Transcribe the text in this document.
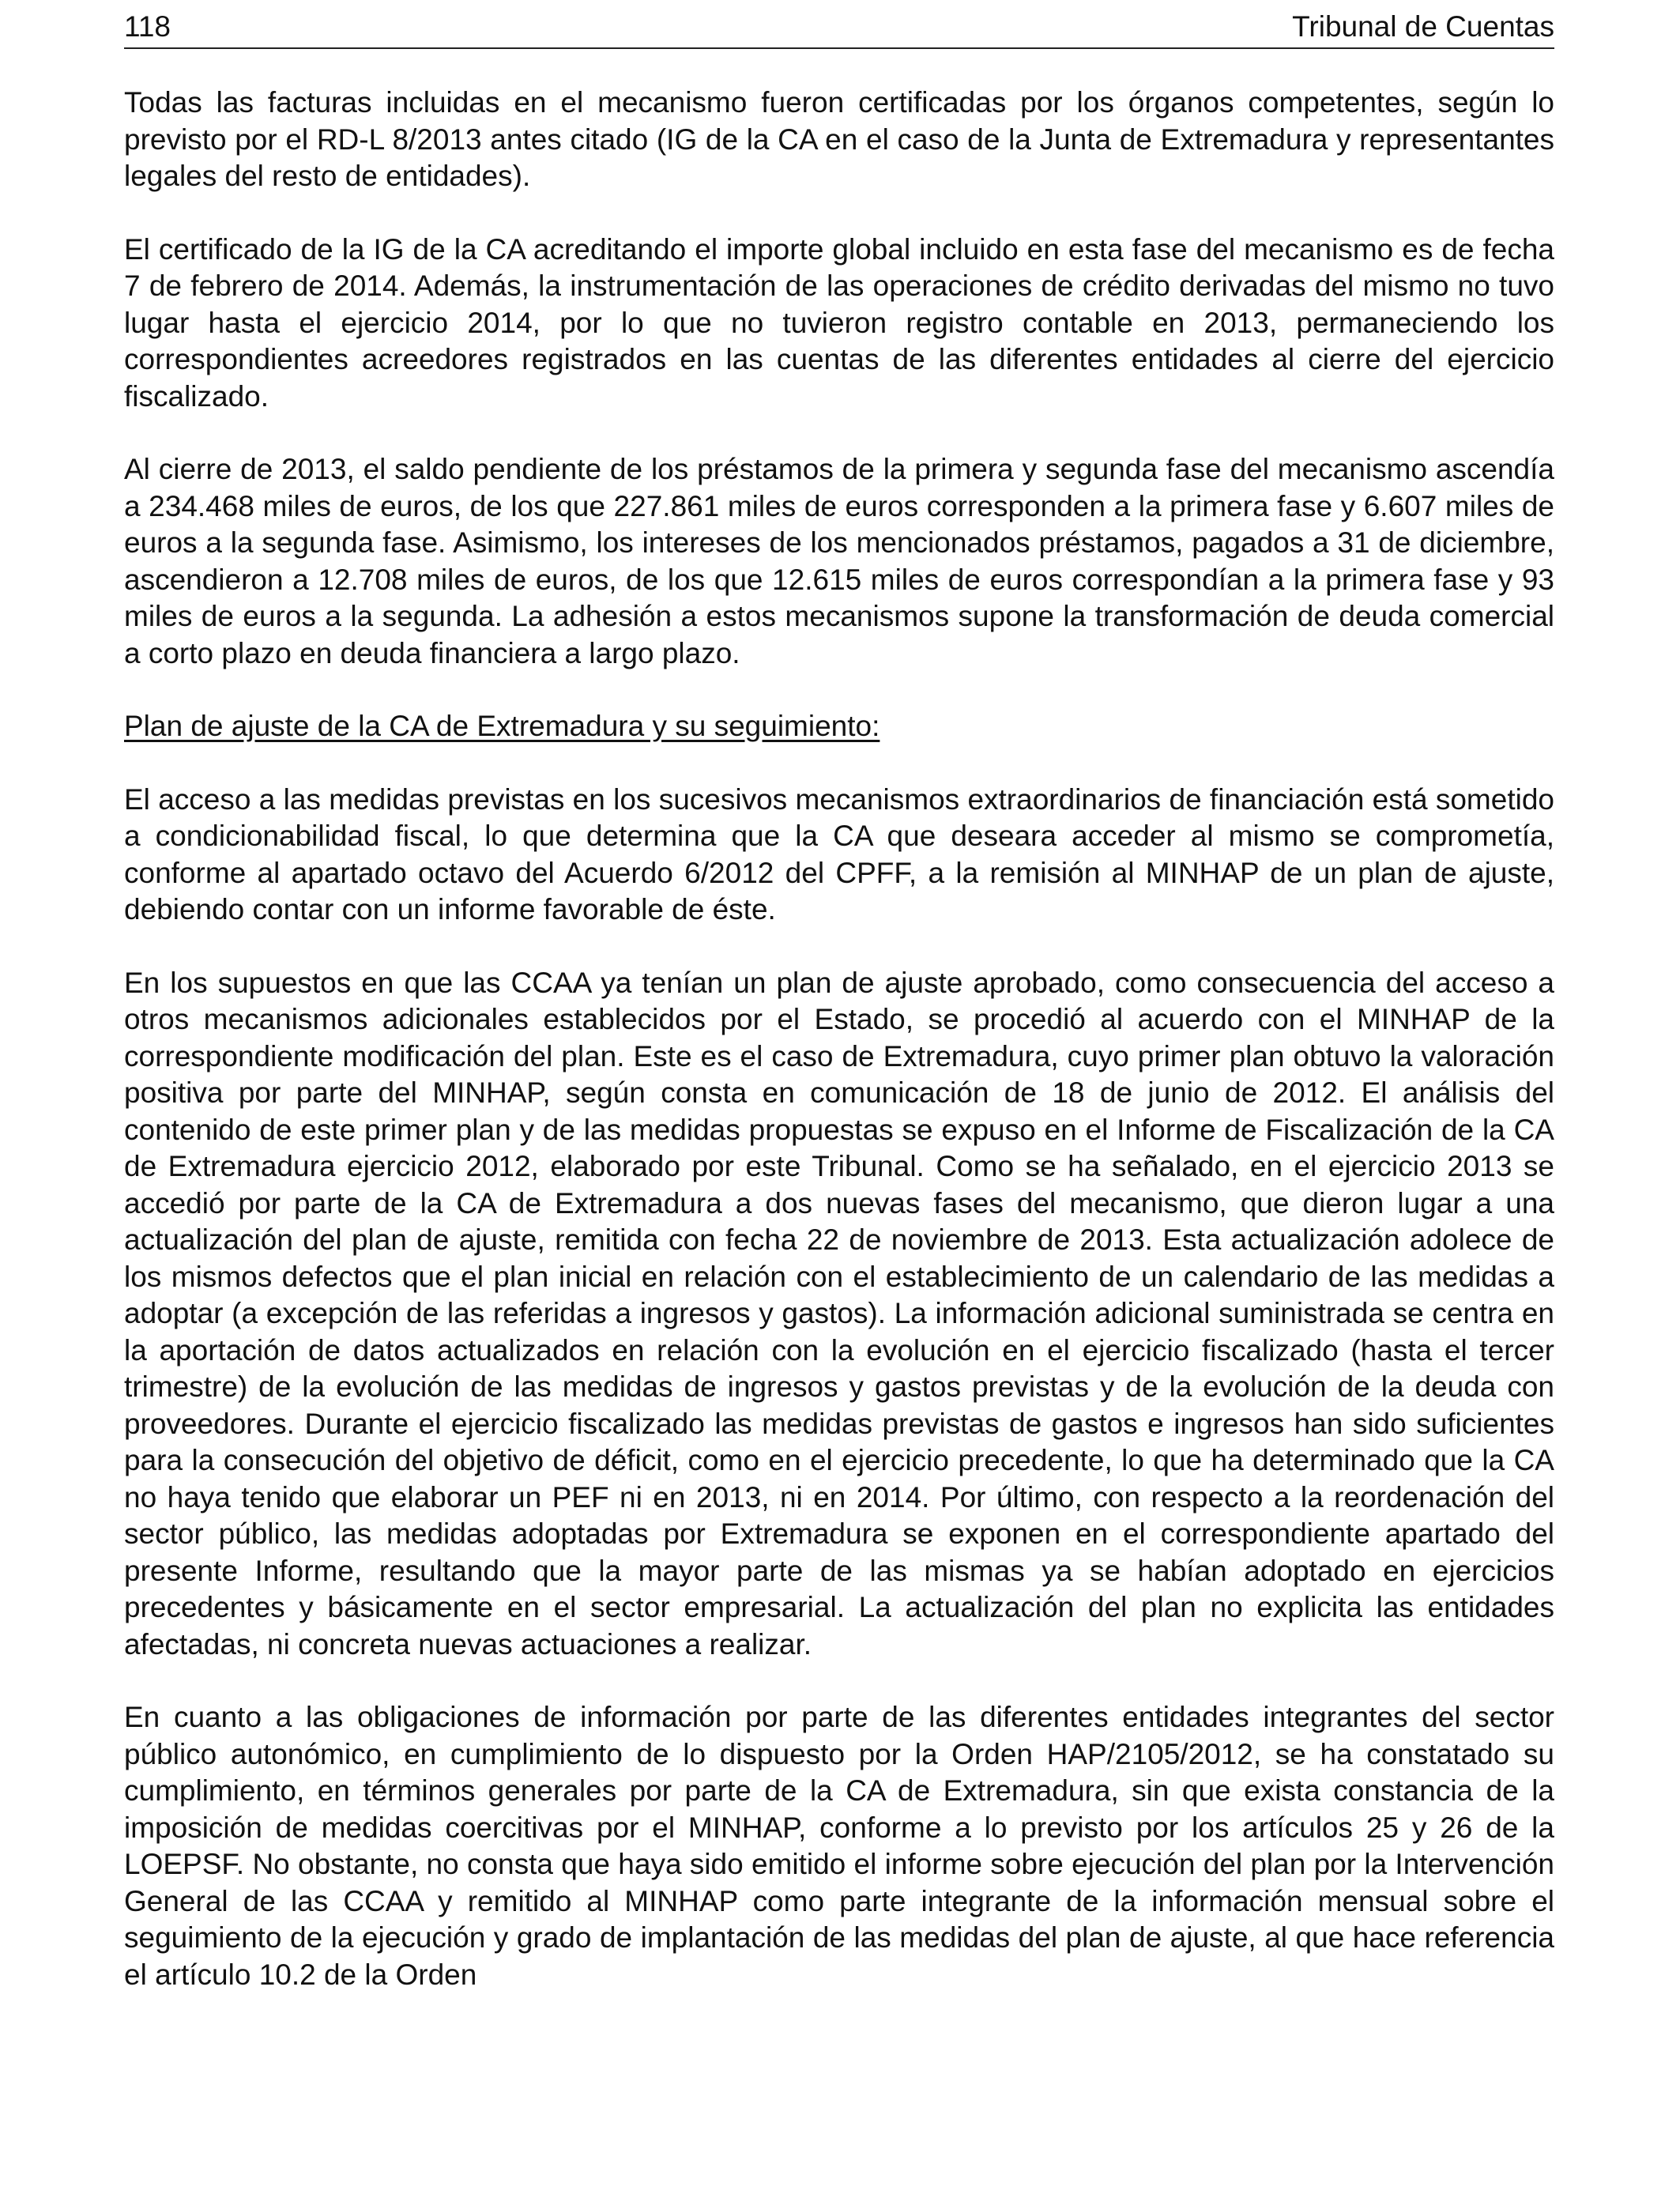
118	Tribunal de Cuentas

Todas las facturas incluidas en el mecanismo fueron certificadas por los órganos competentes, según lo previsto por el RD-L 8/2013 antes citado (IG de la CA en el caso de la Junta de Extremadura y representantes legales del resto de entidades).

El certificado de la IG de la CA acreditando el importe global incluido en esta fase del mecanismo es de fecha 7 de febrero de 2014. Además, la instrumentación de las operaciones de crédito derivadas del mismo no tuvo lugar hasta el ejercicio 2014, por lo que no tuvieron registro contable en 2013, permaneciendo los correspondientes acreedores registrados en las cuentas de las diferentes entidades al cierre del ejercicio fiscalizado.

Al cierre de 2013, el saldo pendiente de los préstamos de la primera y segunda fase del mecanismo ascendía a 234.468 miles de euros, de los que 227.861 miles de euros corresponden a la primera fase y 6.607 miles de euros a la segunda fase. Asimismo, los intereses de los mencionados préstamos, pagados a 31 de diciembre, ascendieron a 12.708 miles de euros, de los que 12.615 miles de euros correspondían a la primera fase y 93 miles de euros a la segunda. La adhesión a estos mecanismos supone la transformación de deuda comercial a corto plazo en deuda financiera a largo plazo.

Plan de ajuste de la CA de Extremadura y su seguimiento:

El acceso a las medidas previstas en los sucesivos mecanismos extraordinarios de financiación está sometido a condicionabilidad fiscal, lo que determina que la CA que deseara acceder al mismo se comprometía, conforme al apartado octavo del Acuerdo 6/2012 del CPFF, a la remisión al MINHAP de un plan de ajuste, debiendo contar con un informe favorable de éste.

En los supuestos en que las CCAA ya tenían un plan de ajuste aprobado, como consecuencia del acceso a otros mecanismos adicionales establecidos por el Estado, se procedió al acuerdo con el MINHAP de la correspondiente modificación del plan. Este es el caso de Extremadura, cuyo primer plan obtuvo la valoración positiva por parte del MINHAP, según consta en comunicación de 18 de junio de 2012. El análisis del contenido de este primer plan y de las medidas propuestas se expuso en el Informe de Fiscalización de la CA de Extremadura ejercicio 2012, elaborado por este Tribunal. Como se ha señalado, en el ejercicio 2013 se accedió por parte de la CA de Extremadura a dos nuevas fases del mecanismo, que dieron lugar a una actualización del plan de ajuste, remitida con fecha 22 de noviembre de 2013. Esta actualización adolece de los mismos defectos que el plan inicial en relación con el establecimiento de un calendario de las medidas a adoptar (a excepción de las referidas a ingresos y gastos). La información adicional suministrada se centra en la aportación de datos actualizados en relación con la evolución en el ejercicio fiscalizado (hasta el tercer trimestre) de la evolución de las medidas de ingresos y gastos previstas y de la evolución de la deuda con proveedores. Durante el ejercicio fiscalizado las medidas previstas de gastos e ingresos han sido suficientes para la consecución del objetivo de déficit, como en el ejercicio precedente, lo que ha determinado que la CA no haya tenido que elaborar un PEF ni en 2013, ni en 2014. Por último, con respecto a la reordenación del sector público, las medidas adoptadas por Extremadura se exponen en el correspondiente apartado del presente Informe, resultando que la mayor parte de las mismas ya se habían adoptado en ejercicios precedentes y básicamente en el sector empresarial. La actualización del plan no explicita las entidades afectadas, ni concreta nuevas actuaciones a realizar.

En cuanto a las obligaciones de información por parte de las diferentes entidades integrantes del sector público autonómico, en cumplimiento de lo dispuesto por la Orden HAP/2105/2012, se ha constatado su cumplimiento, en términos generales por parte de la CA de Extremadura, sin que exista constancia de la imposición de medidas coercitivas por el MINHAP, conforme a lo previsto por los artículos 25 y 26 de la LOEPSF. No obstante, no consta que haya sido emitido el informe sobre ejecución del plan por la Intervención General de las CCAA y remitido al MINHAP como parte integrante de la información mensual sobre el seguimiento de la ejecución y grado de implantación de las medidas del plan de ajuste, al que hace referencia el artículo 10.2 de la Orden
